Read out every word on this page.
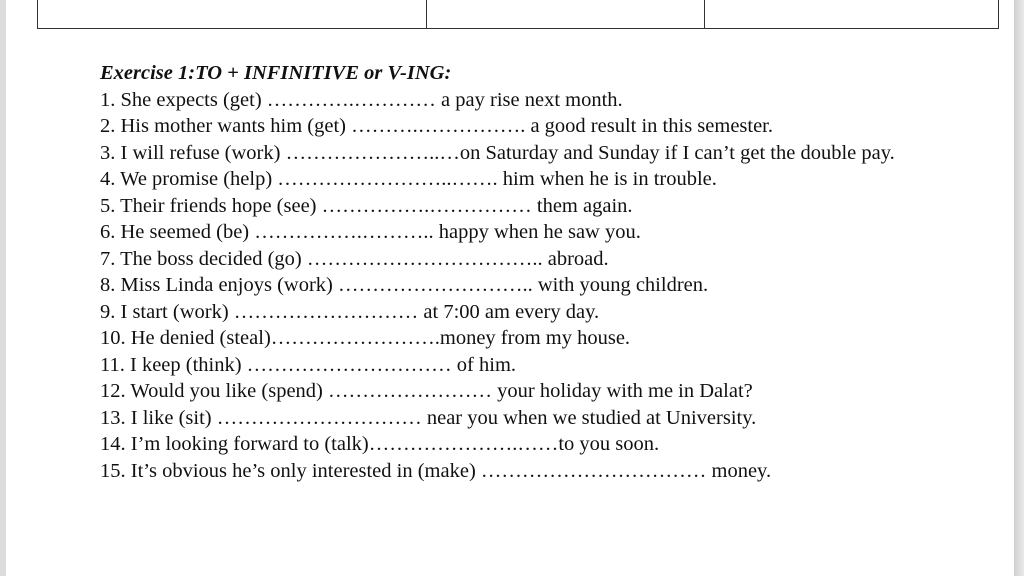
Exercise 1:TO + INFINITIVE or V-ING:
1. She expects (get) ………….………… a pay rise next month.
2. His mother wants him (get) ……….……………. a good result in this semester.
3. I will refuse (work) …………………..…on Saturday and Sunday if I can’t get the double pay.
4. We promise (help) ……………………..……. him when he is in trouble.
5. Their friends hope (see) …………….…………… them again.
6. He seemed (be) …………….……….. happy when he saw you.
7. The boss decided (go) …………………………….. abroad.
8. Miss Linda enjoys (work) ……………………….. with young children.
9. I start (work) ……………………… at 7:00 am every day.
10. He denied (steal)…………………….money from my house.
11. I keep (think) ………………………… of him.
12. Would you like (spend) …………………… your holiday with me in Dalat?
13. I like (sit) ………………………… near you when we studied at University.
14. I’m looking forward to (talk)………………….……to you soon.
15. It’s obvious he’s only interested in (make) …………………………… money.
